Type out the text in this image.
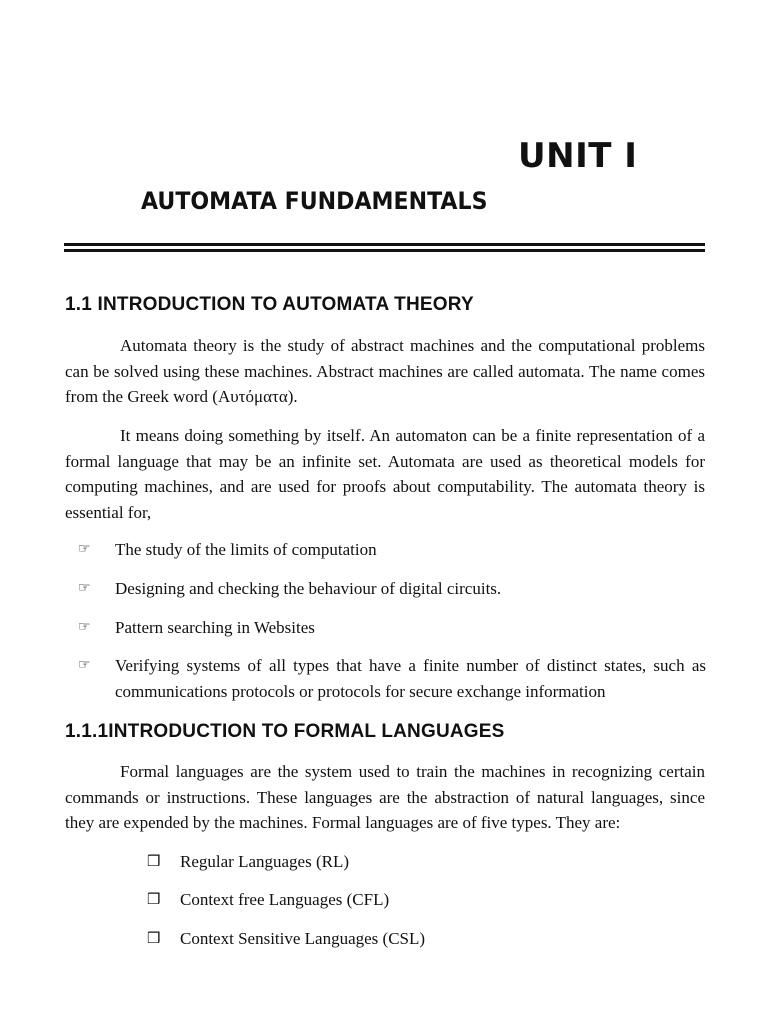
UNIT I
AUTOMATA FUNDAMENTALS
1.1 INTRODUCTION TO AUTOMATA THEORY
Automata theory is the study of abstract machines and the computational problems can be solved using these machines. Abstract machines are called automata. The name comes from the Greek word (Αυτόματα).
It means doing something by itself. An automaton can be a finite representation of a formal language that may be an infinite set. Automata are used as theoretical models for computing machines, and are used for proofs about computability. The automata theory is essential for,
☞	The study of the limits of computation
☞	Designing and checking the behaviour of digital circuits.
☞	Pattern searching in Websites
☞	Verifying systems of all types that have a finite number of distinct states, such as communications protocols or protocols for secure exchange information
1.1.1INTRODUCTION TO FORMAL LANGUAGES
Formal languages are the system used to train the machines in recognizing certain commands or instructions. These languages are the abstraction of natural languages, since they are expended by the machines. Formal languages are of five types. They are:
❒ Regular Languages (RL)
❒ Context free Languages (CFL)
❒ Context Sensitive Languages (CSL)
